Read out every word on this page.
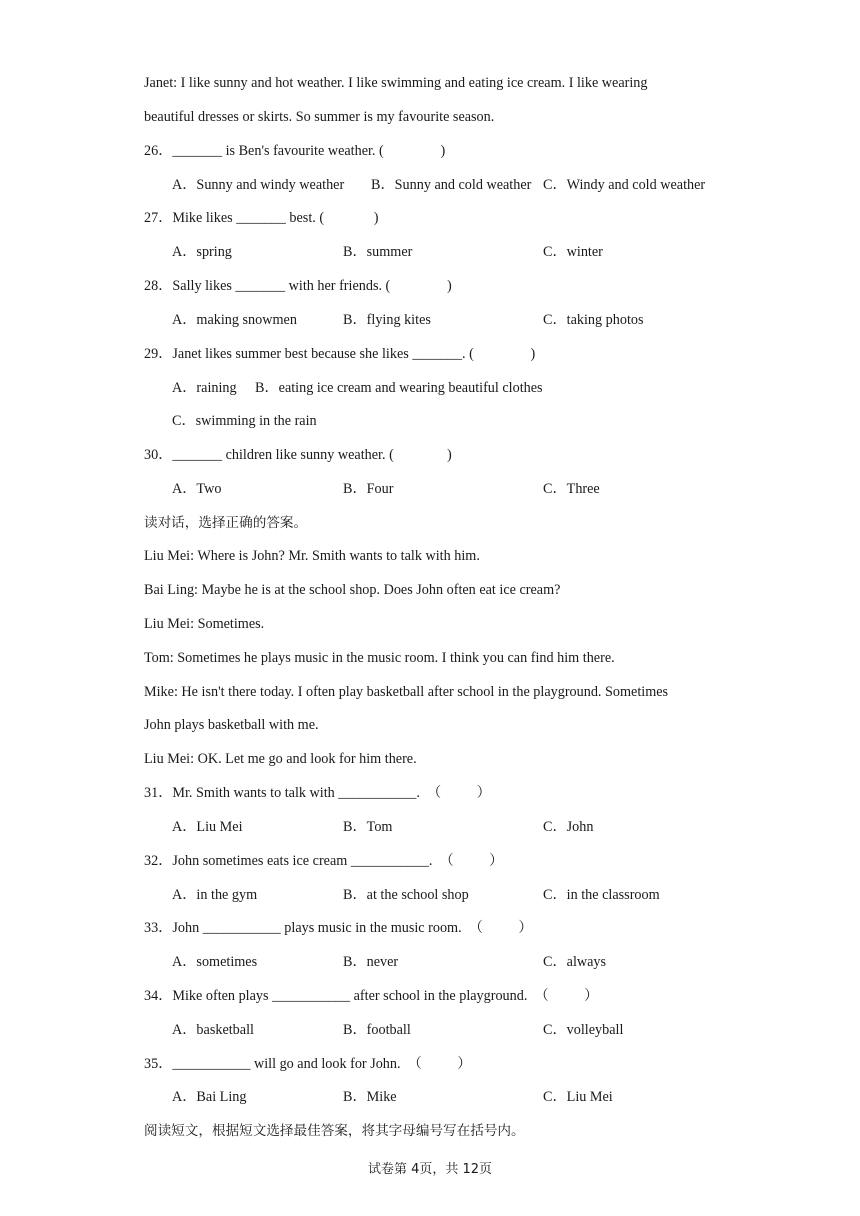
Janet: I like sunny and hot weather. I like swimming and eating ice cream. I like wearing
beautiful dresses or skirts. So summer is my favourite season.
26．_______ is Ben's favourite weather. (                )
A．Sunny and windy weather B．Sunny and cold weather C．Windy and cold weather
27．Mike likes _______ best. (              )
A．spring	B．summer	C．winter
28．Sally likes _______ with her friends. (                )
A．making snowmen	B．flying kites	C．taking photos
29．Janet likes summer best because she likes _______. (                )
A．raining B．eating ice cream and wearing beautiful clothes
C．swimming in the rain
30．_______ children like sunny weather. (               )
A．Two	B．Four	C．Three
读对话，选择正确的答案。
Liu Mei: Where is John? Mr. Smith wants to talk with him.
Bai Ling: Maybe he is at the school shop. Does John often eat ice cream?
Liu Mei: Sometimes.
Tom: Sometimes he plays music in the music room. I think you can find him there.
Mike: He isn't there today. I often play basketball after school in the playground. Sometimes
John plays basketball with me.
Liu Mei: OK. Let me go and look for him there.
31．Mr. Smith wants to talk with ___________.  （          ）
A．Liu Mei	B．Tom	C．John
32．John sometimes eats ice cream ___________.  （          ）
A．in the gym	B．at the school shop	C．in the classroom
33．John ___________ plays music in the music room.  （          ）
A．sometimes	B．never	C．always
34．Mike often plays ___________ after school in the playground.  （          ）
A．basketball	B．football	C．volleyball
35．___________ will go and look for John.  （          ）
A．Bai Ling	B．Mike	C．Liu Mei
阅读短文，根据短文选择最佳答案，将其字母编号写在括号内。
试卷第 4页，共 12页
